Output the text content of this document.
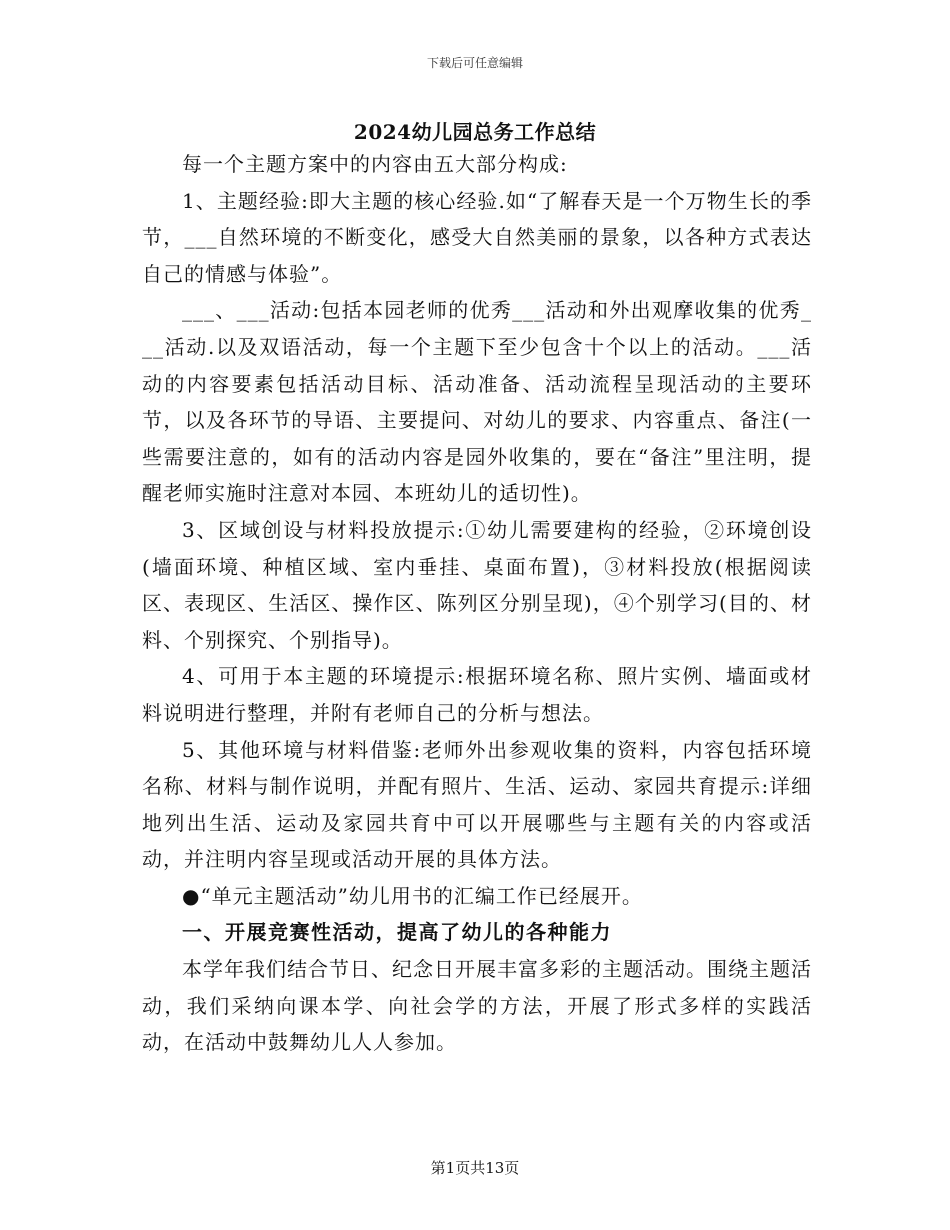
下载后可任意编辑
2024幼儿园总务工作总结

每一个主题方案中的内容由五大部分构成:

1、主题经验:即大主题的核心经验.如“了解春天是一个万物生长的季节，___自然环境的不断变化，感受大自然美丽的景象，以各种方式表达自己的情感与体验”。

___、___活动:包括本园老师的优秀___活动和外出观摩收集的优秀___活动.以及双语活动，每一个主题下至少包含十个以上的活动。___活动的内容要素包括活动目标、活动准备、活动流程呈现活动的主要环节，以及各环节的导语、主要提问、对幼儿的要求、内容重点、备注(一些需要注意的，如有的活动内容是园外收集的，要在“备注”里注明，提醒老师实施时注意对本园、本班幼儿的适切性)。

3、区域创设与材料投放提示:①幼儿需要建构的经验，②环境创设(墙面环境、种植区域、室内垂挂、桌面布置)，③材料投放(根据阅读区、表现区、生活区、操作区、陈列区分别呈现)，④个别学习(目的、材料、个别探究、个别指导)。

4、可用于本主题的环境提示:根据环境名称、照片实例、墙面或材料说明进行整理，并附有老师自己的分析与想法。

5、其他环境与材料借鉴:老师外出参观收集的资料，内容包括环境名称、材料与制作说明，并配有照片、生活、运动、家园共育提示:详细地列出生活、运动及家园共育中可以开展哪些与主题有关的内容或活动，并注明内容呈现或活动开展的具体方法。

●“单元主题活动”幼儿用书的汇编工作已经展开。

一、开展竞赛性活动，提高了幼儿的各种能力

本学年我们结合节日、纪念日开展丰富多彩的主题活动。围绕主题活动，我们采纳向课本学、向社会学的方法，开展了形式多样的实践活动，在活动中鼓舞幼儿人人参加。

第1页共13页
